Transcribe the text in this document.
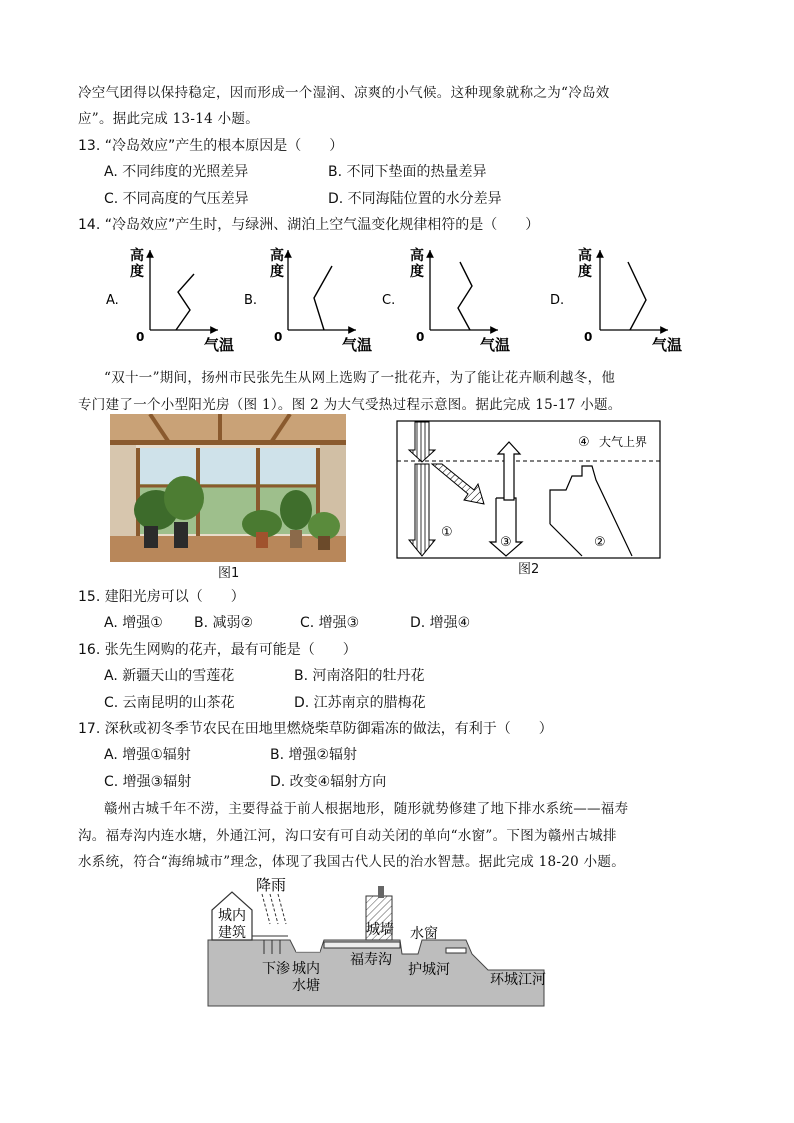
冷空气团得以保持稳定，因而形成一个湿润、凉爽的小气候。这种现象就称之为“冷岛效
应”。据此完成 13-14 小题。
13. “冷岛效应”产生的根本原因是（　　）
A. 不同纬度的光照差异	B. 不同下垫面的热量差异
C. 不同高度的气压差异	D. 不同海陆位置的水分差异
14. “冷岛效应”产生时，与绿洲、湖泊上空气温变化规律相符的是（　　）
A.
高
度
0	气温
B.
高
度
0	气温
C.
高
度
0	气温
D.
高
度
0	气温
“双十一”期间，扬州市民张先生从网上选购了一批花卉，为了能让花卉顺利越冬，他
专门建了一个小型阳光房（图 1）。图 2 为大气受热过程示意图。据此完成 15-17 小题。
图1
①
③	②
④ 大气上界
图2
15. 建阳光房可以（　　）
A. 增强① B. 减弱②	C. 增强③	D. 增强④
16. 张先生网购的花卉，最有可能是（　　）
A. 新疆天山的雪莲花	B. 河南洛阳的牡丹花
C. 云南昆明的山茶花	D. 江苏南京的腊梅花
17. 深秋或初冬季节农民在田地里燃烧柴草防御霜冻的做法，有利于（　　）
A. 增强①辐射	B. 增强②辐射
C. 增强③辐射	D. 改变④辐射方向
赣州古城千年不涝，主要得益于前人根据地形，随形就势修建了地下排水系统——福寿
沟。福寿沟内连水塘，外通江河，沟口安有可自动关闭的单向“水窗”。下图为赣州古城排
水系统，符合“海绵城市”理念，体现了我国古代人民的治水智慧。据此完成 18-20 小题。
降雨
城内
建筑
下渗 城内
水塘
城墙
福寿沟
水窗
护城河
环城江河
